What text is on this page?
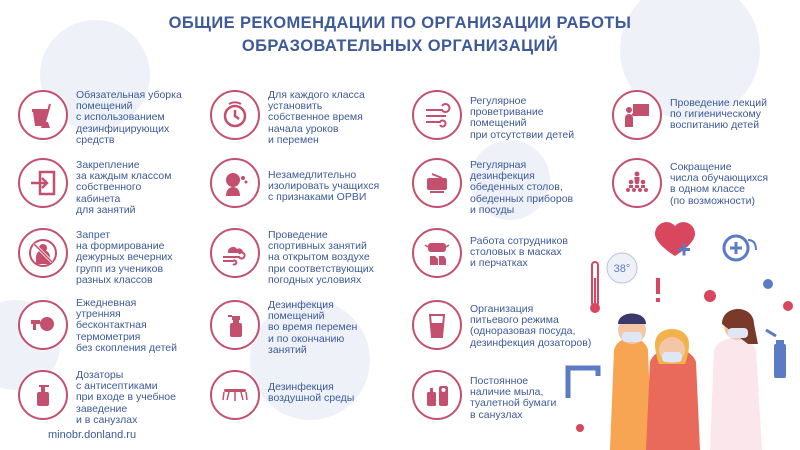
ОБЩИЕ РЕКОМЕНДАЦИИ ПО ОРГАНИЗАЦИИ РАБОТЫ
ОБРАЗОВАТЕЛЬНЫХ ОРГАНИЗАЦИЙ
Обязательная уборка
помещений
с использованием
дезинфицирующих
средств
Закрепление
за каждым классом
собственного
кабинета
для занятий
Запрет
на формирование
дежурных вечерних
групп из учеников
разных классов
Ежедневная
утренняя
бесконтактная
термометрия
без скопления детей
Дозаторы
с антисептиками
при входе в учебное
заведение
и в санузлах
Для каждого класса
установить
собственное время
начала уроков
и перемен
Незамедлительно
изолировать учащихся
с признаками ОРВИ
Проведение
спортивных занятий
на открытом воздухе
при соответствующих
погодных условиях
Дезинфекция
помещений
во время перемен
и по окончанию
занятий
Дезинфекция
воздушной среды
Регулярное
проветривание
помещений
при отсутствии детей
Регулярная
дезинфекция
обеденных столов,
обеденных приборов
и посуды
Работа сотрудников
столовых в масках
и перчатках
Организация
питьевого режима
(одноразовая посуда,
дезинфекция дозаторов)
Постоянное
наличие мыла,
туалетной бумаги
в санузлах
Проведение лекций
по гигиеническому
воспитанию детей
Сокращение
числа обучающихся
в одном классе
(по возможности)
38°
minobr.donland.ru
